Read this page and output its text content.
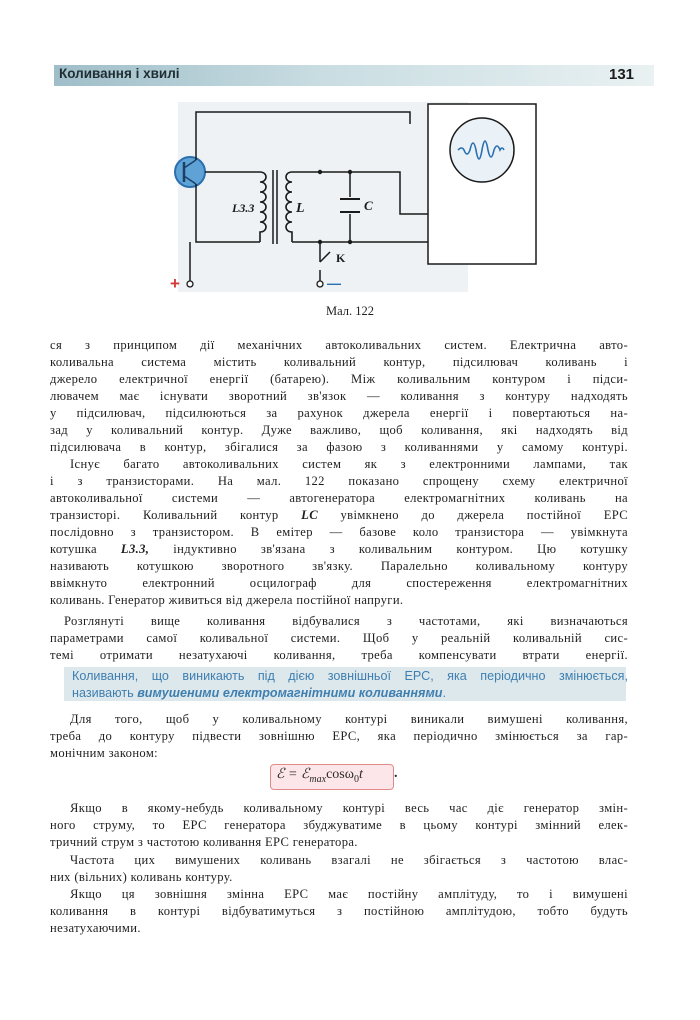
Коливання і хвилі	131
L3.3	L	C
K
+	—
Мал. 122
ся з принципом дії механічних автоколивальних систем. Електрична авто-
коливальна система містить коливальний контур, підсилювач коливань і
джерело електричної енергії (батарею). Між коливальним контуром і підси-
лювачем має існувати зворотний зв'язок — коливання з контуру надходять
у підсилювач, підсилюються за рахунок джерела енергії і повертаються на-
зад у коливальний контур. Дуже важливо, щоб коливання, які надходять від
підсилювача в контур, збігалися за фазою з коливаннями у самому контурі.
Існує багато автоколивальних систем як з електронними лампами, так
і з транзисторами. На мал. 122 показано спрощену схему електричної
автоколивальної системи — автогенератора електромагнітних коливань на
транзисторі. Коливальний контур LC увімкнено до джерела постійної ЕРС
послідовно з транзистором. В емітер — базове коло транзистора — увімкнута
котушка L3.3, індуктивно зв'язана з коливальним контуром. Цю котушку
називають котушкою зворотного зв'язку. Паралельно коливальному контуру
ввімкнуто електронний осцилограф для спостереження електромагнітних
коливань. Генератор живиться від джерела постійної напруги.
Розглянуті вище коливання відбувалися з частотами, які визначаються
параметрами самої коливальної системи. Щоб у реальній коливальній сис-
темі отримати незатухаючі коливання, треба компенсувати втрати енергії.
Коливання, що виникають під дією зовнішньої ЕРС, яка періодично змінюється,
називають вимушеними електромагнітними коливаннями.
Для того, щоб у коливальному контурі виникали вимушені коливання,
треба до контуру підвести зовнішню ЕРС, яка періодично змінюється за гар-
монічним законом:
ℰ = ℰ$_{max}$cosω$_0$t .
Якщо в якому-небудь коливальному контурі весь час діє генератор змін-
ного струму, то ЕРС генератора збуджуватиме в цьому контурі змінний елек-
тричний струм з частотою коливання ЕРС генератора.
Частота цих вимушених коливань взагалі не збігається з частотою влас-
них (вільних) коливань контуру.
Якщо ця зовнішня змінна ЕРС має постійну амплітуду, то і вимушені
коливання в контурі відбуватимуться з постійною амплітудою, тобто будуть
незатухаючими.
